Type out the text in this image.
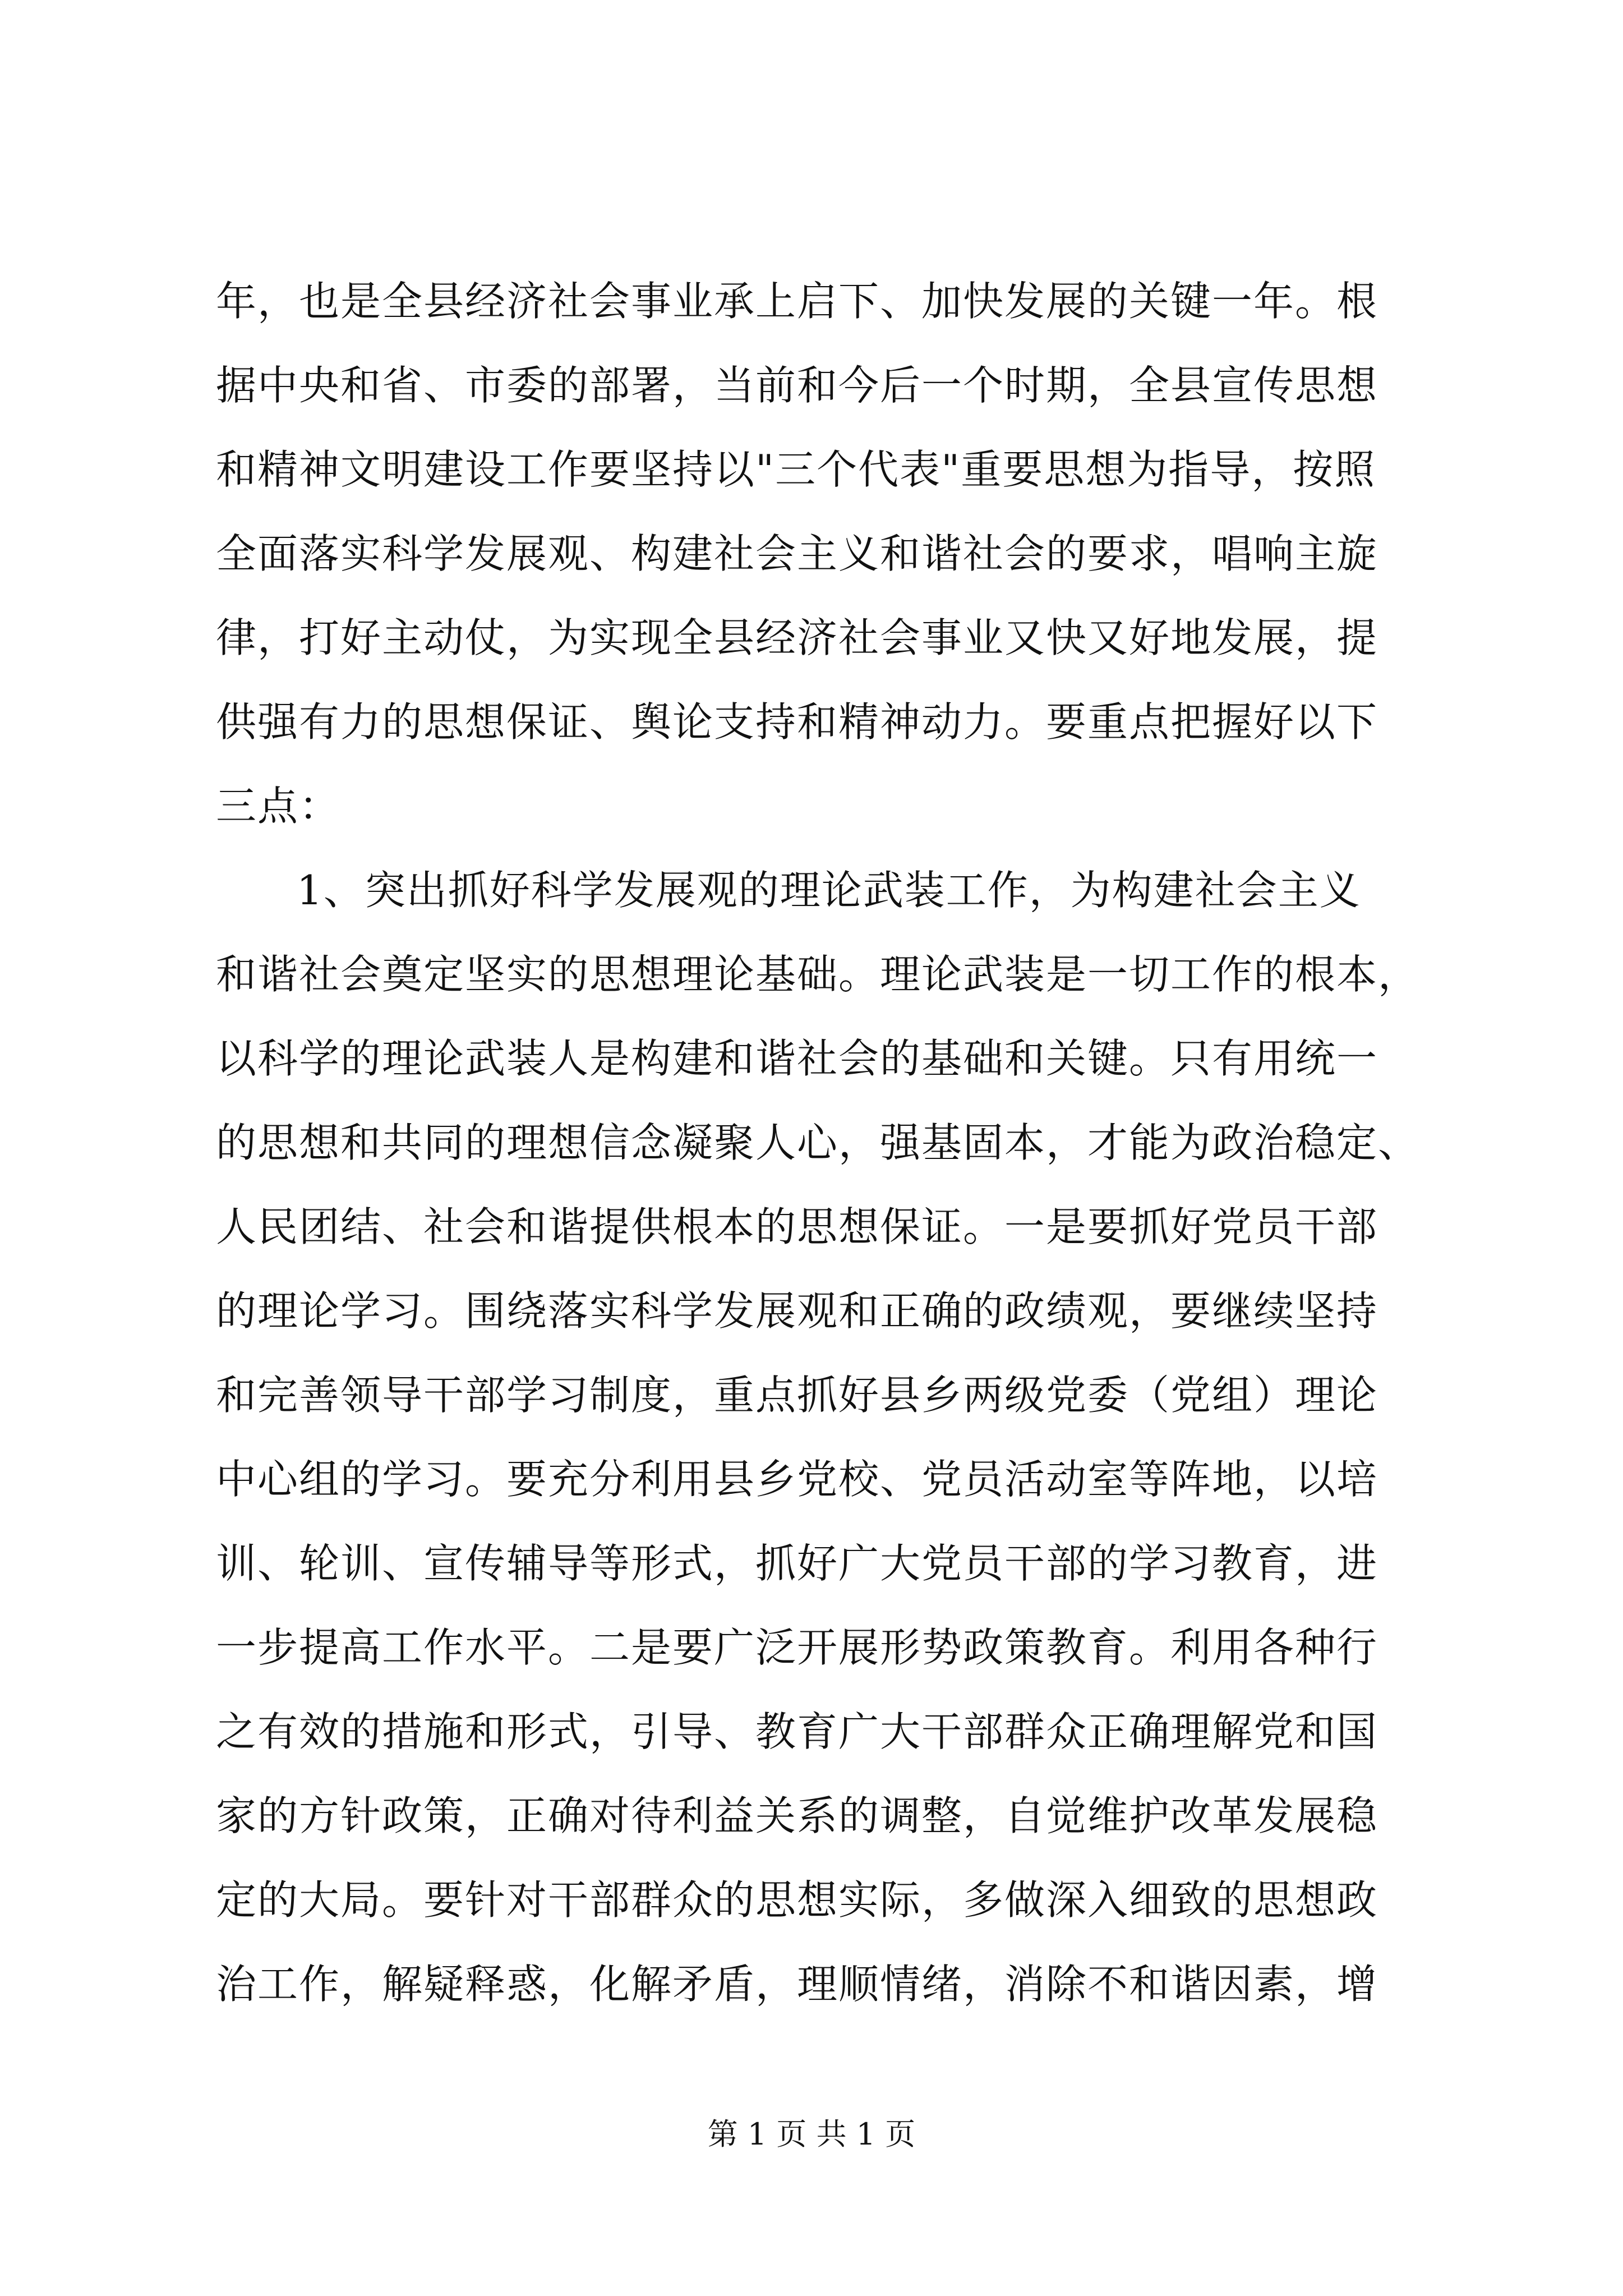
年，也是全县经济社会事业承上启下、加快发展的关键一年。根
据中央和省、市委的部署，当前和今后一个时期，全县宣传思想
和精神文明建设工作要坚持以"三个代表"重要思想为指导，按照
全面落实科学发展观、构建社会主义和谐社会的要求，唱响主旋
律，打好主动仗，为实现全县经济社会事业又快又好地发展，提
供强有力的思想保证、舆论支持和精神动力。要重点把握好以下
三点：
1、突出抓好科学发展观的理论武装工作，为构建社会主义
和谐社会奠定坚实的思想理论基础。理论武装是一切工作的根本，
以科学的理论武装人是构建和谐社会的基础和关键。只有用统一
的思想和共同的理想信念凝聚人心，强基固本，才能为政治稳定、
人民团结、社会和谐提供根本的思想保证。一是要抓好党员干部
的理论学习。围绕落实科学发展观和正确的政绩观，要继续坚持
和完善领导干部学习制度，重点抓好县乡两级党委（党组）理论
中心组的学习。要充分利用县乡党校、党员活动室等阵地，以培
训、轮训、宣传辅导等形式，抓好广大党员干部的学习教育，进
一步提高工作水平。二是要广泛开展形势政策教育。利用各种行
之有效的措施和形式，引导、教育广大干部群众正确理解党和国
家的方针政策，正确对待利益关系的调整，自觉维护改革发展稳
定的大局。要针对干部群众的思想实际，多做深入细致的思想政
治工作，解疑释惑，化解矛盾，理顺情绪，消除不和谐因素，增
第 1 页 共 1 页
